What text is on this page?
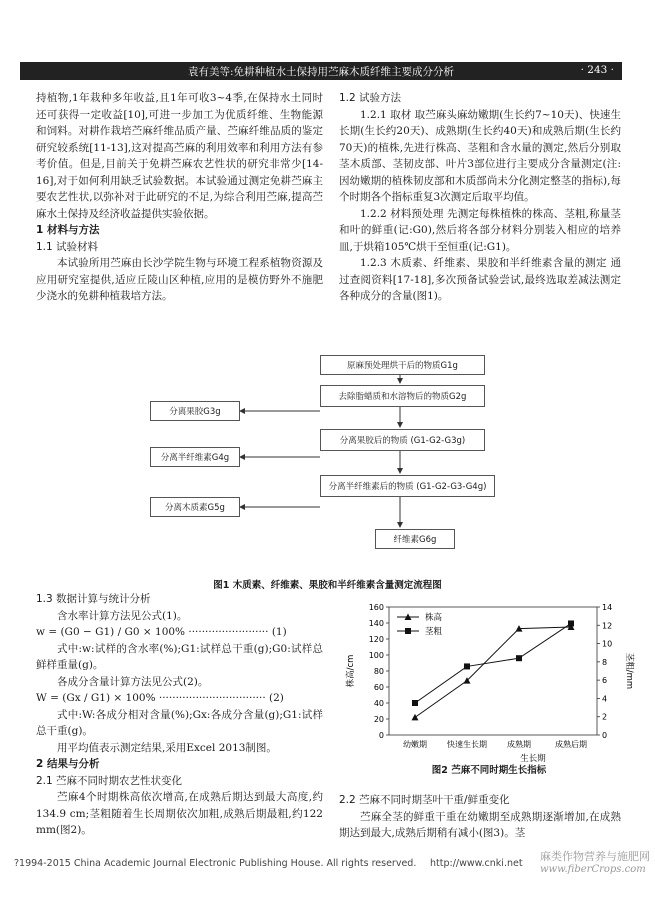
袁有美等:免耕种植水土保持用苎麻木质纤维主要成分分析	· 243 ·

持植物,1年栽种多年收益,且1年可收3~4季,在保持水土同时还可获得一定收益[10],可进一步加工为优质纤维、生物能源和饲料。对耕作栽培苎麻纤维品质产量、苎麻纤维品质的鉴定研究较系统[11-13],这对提高苎麻的利用效率和利用方法有参考价值。但是,目前关于免耕苎麻农艺性状的研究非常少[14-16],对于如何利用缺乏试验数据。本试验通过测定免耕苎麻主要农艺性状,以弥补对于此研究的不足,为综合利用苎麻,提高苎麻水土保持及经济收益提供实验依据。

1 材料与方法

1.1 试验材料

本试验所用苎麻由长沙学院生物与环境工程系植物资源及应用研究室提供,适应丘陵山区种植,应用的是模仿野外不施肥少浇水的免耕种植栽培方法。

1.2 试验方法

1.2.1 取材 取苎麻头麻幼嫩期(生长约7~10天)、快速生长期(生长约20天)、成熟期(生长约40天)和成熟后期(生长约70天)的植株,先进行株高、茎粗和含水量的测定,然后分别取茎木质部、茎韧皮部、叶片3部位进行主要成分含量测定(注:因幼嫩期的植株韧皮部和木质部尚未分化测定整茎的指标),每个时期各个指标重复3次测定后取平均值。

1.2.2 材料预处理 先测定每株植株的株高、茎粗,称量茎和叶的鲜重(记:G0),然后将各部分材料分别装入相应的培养皿,于烘箱105℃烘干至恒重(记:G1)。

1.2.3 木质素、纤维素、果胶和半纤维素含量的测定 通过查阅资料[17-18],多次预备试验尝试,最终选取差减法测定各种成分的含量(图1)。

原麻预处理烘干后的物质G1g
去除脂蜡质和水溶物后的物质G2g
分离果胶G3g
分离果胶后的物质 (G1-G2-G3g)
分离半纤维素G4g
分离半纤维素后的物质 (G1-G2-G3-G4g)
分离木质素G5g
纤维素G6g
图1 木质素、纤维素、果胶和半纤维素含量测定流程图

1.3 数据计算与统计分析

含水率计算方法见公式(1)。

w = (G0 − G1) / G0 × 100% ························ (1)

式中:w:试样的含水率(%);G1:试样总干重(g);G0:试样总鲜样重量(g)。

各成分含量计算方法见公式(2)。

W = (Gx / G1) × 100% ································ (2)

式中:W:各成分相对含量(%);Gx:各成分含量(g);G1:试样总干重(g)。

用平均值表示测定结果,采用Excel 2013制图。

2 结果与分析

2.1 苎麻不同时期农艺性状变化

苎麻4个时期株高依次增高,在成熟后期达到最大高度,约134.9 cm;茎粗随着生长周期依次加粗,成熟后期最粗,约122 mm(图2)。

0
20
40
60
80
100
120
140
160
0
2
4
6
8
10
12
14
幼嫩期	快速生长期	成熟期	成熟后期
生长期
株高/cm	茎粗/mm
株高
茎粗
图2 苎麻不同时期生长指标

2.2 苎麻不同时期茎叶干重/鲜重变化

苎麻全茎的鲜重干重在幼嫩期至成熟期逐渐增加,在成熟期达到最大,成熟后期稍有减小(图3)。茎

?1994-2015 China Academic Journal Electronic Publishing House. All rights reserved. http://www.cnki.net
麻类作物营养与施肥网
www.fiberCrops.com
